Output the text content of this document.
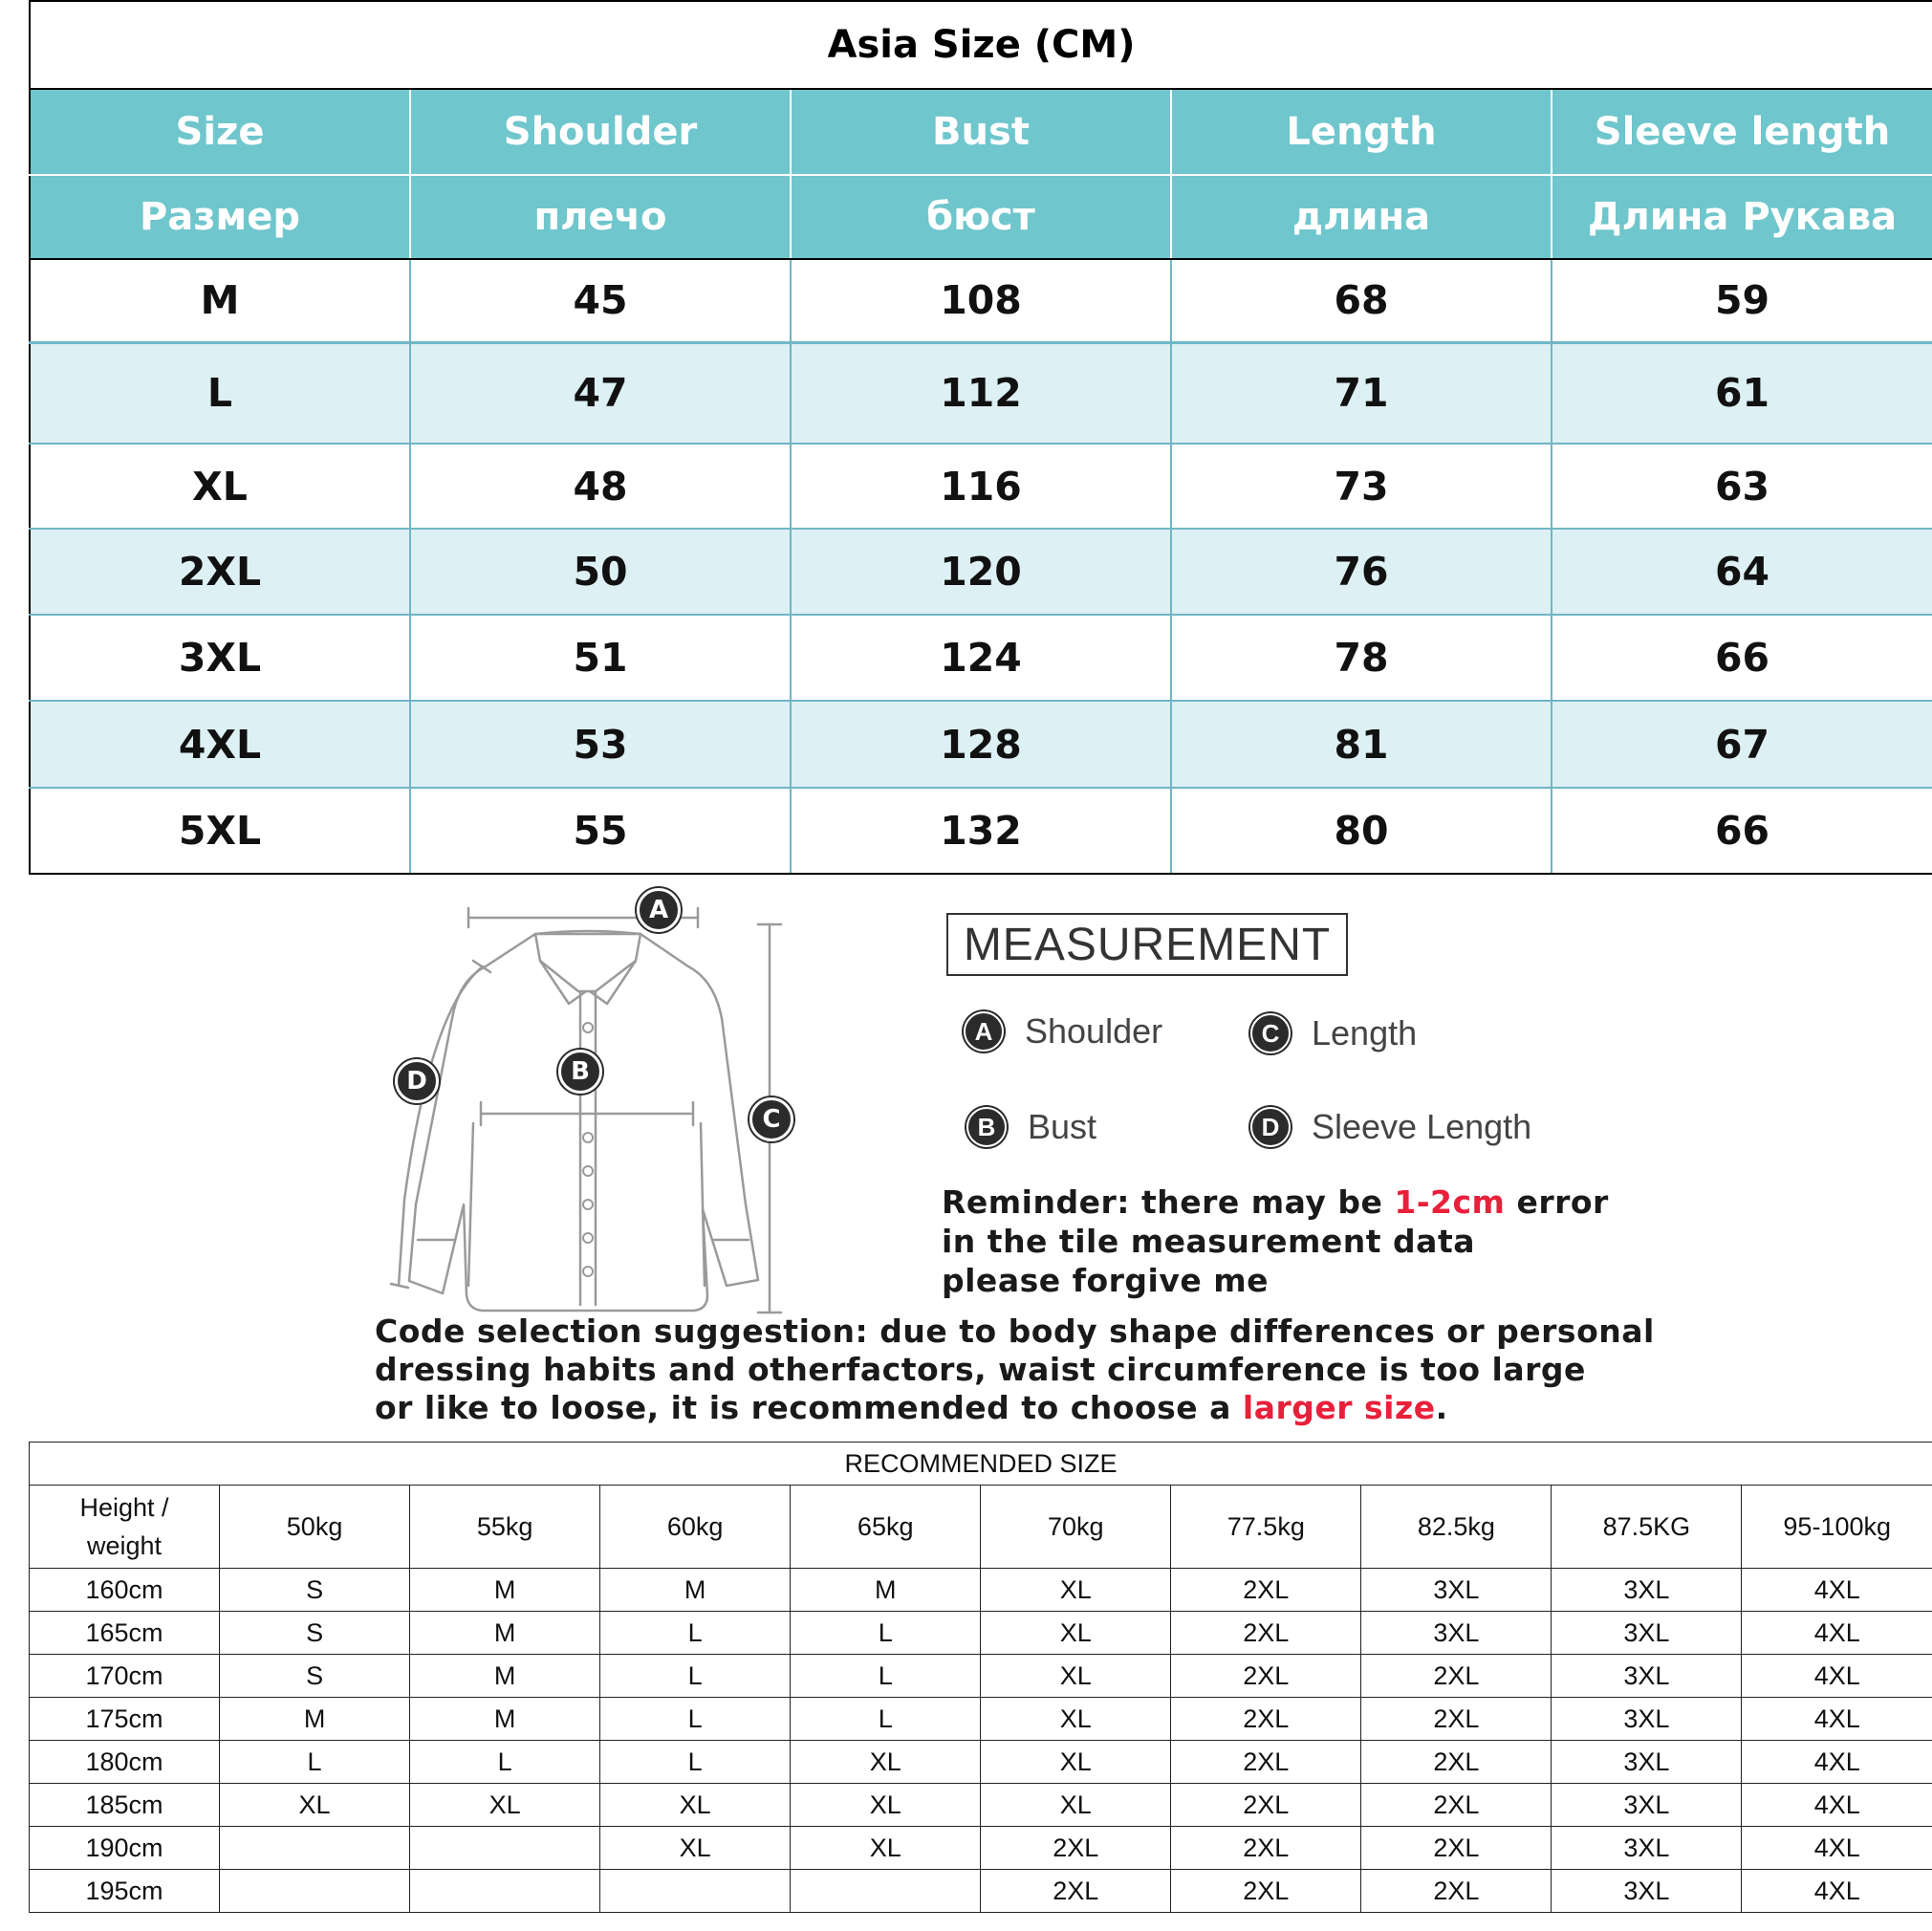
Asia Size (CM)				
Size	Shoulder	Bust	Length	Sleeve length
Размер	плечо	бюст	длина	Длина Рукава
M	45	108	68	59
L	47	112	71	61
XL	48	116	73	63
2XL	50	120	76	64
3XL	51	124	78	66
4XL	53	128	81	67
5XL	55	132	80	66
A
B
C
D
MEASUREMENT
A Shoulder	C Length
B Bust	D Sleeve Length
Reminder: there may be 1-2cm error
in the tile measurement data
please forgive me
Code selection suggestion: due to body shape differences or personal
dressing habits and otherfactors, waist circumference is too large
or like to loose, it is recommended to choose a larger size.
RECOMMENDED SIZE									

Height /
weight	50kg	55kg	60kg	65kg	70kg	77.5kg	82.5kg	87.5KG	95-100kg
160cm	S	M	M	M	XL	2XL	3XL	3XL	4XL
165cm	S	M	L	L	XL	2XL	3XL	3XL	4XL
170cm	S	M	L	L	XL	2XL	2XL	3XL	4XL
175cm	M	M	L	L	XL	2XL	2XL	3XL	4XL
180cm	L	L	L	XL	XL	2XL	2XL	3XL	4XL
185cm	XL	XL	XL	XL	XL	2XL	2XL	3XL	4XL
190cm			XL	XL	2XL	2XL	2XL	3XL	4XL
195cm					2XL	2XL	2XL	3XL	4XL
